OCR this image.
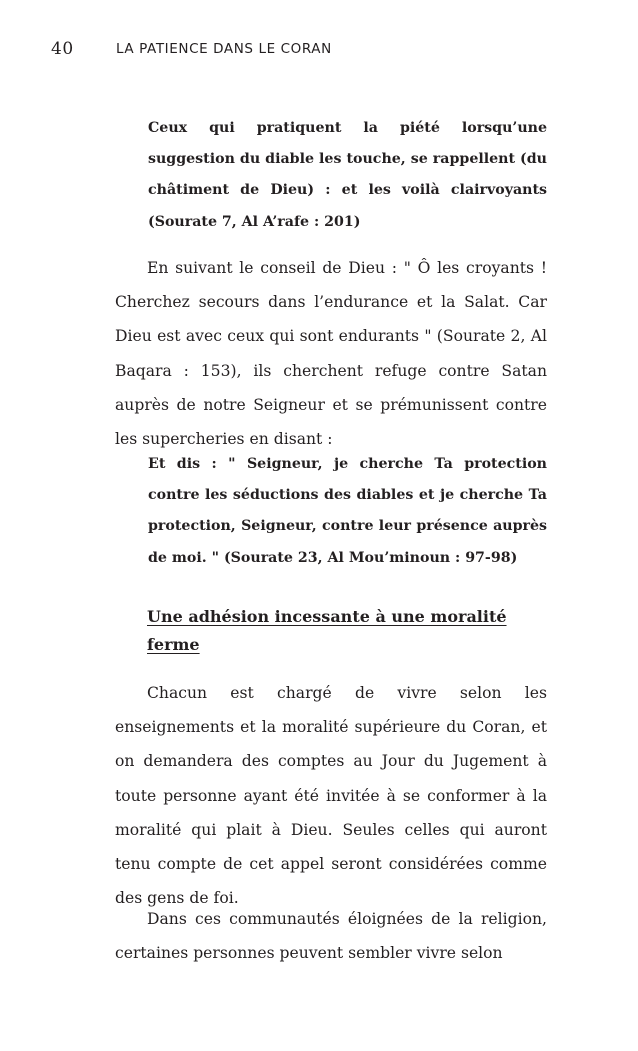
40	LA PATIENCE DANS LE CORAN

Ceux qui pratiquent la piété lorsqu’une suggestion du diable les touche, se rappellent (du châtiment de Dieu) : et les voilà clairvoyants (Sourate 7, Al A’rafe : 201)

En suivant le conseil de Dieu : " Ô les croyants ! Cherchez secours dans l’endurance et la Salat. Car Dieu est avec ceux qui sont endurants " (Sourate 2, Al Baqara : 153), ils cherchent refuge contre Satan auprès de notre Seigneur et se prémunissent contre les supercheries en disant :

Et dis : " Seigneur, je cherche Ta protection contre les séductions des diables et je cherche Ta protection, Seigneur, contre leur présence auprès de moi. " (Sourate 23, Al Mou’minoun : 97-98)

Une adhésion incessante à une moralité ferme

Chacun est chargé de vivre selon les enseignements et la moralité supérieure du Coran, et on demandera des comptes au Jour du Jugement à toute personne ayant été invitée à se conformer à la moralité qui plait à Dieu. Seules celles qui auront tenu compte de cet appel seront considérées comme des gens de foi.

Dans ces communautés éloignées de la religion, certaines personnes peuvent sembler vivre selon
